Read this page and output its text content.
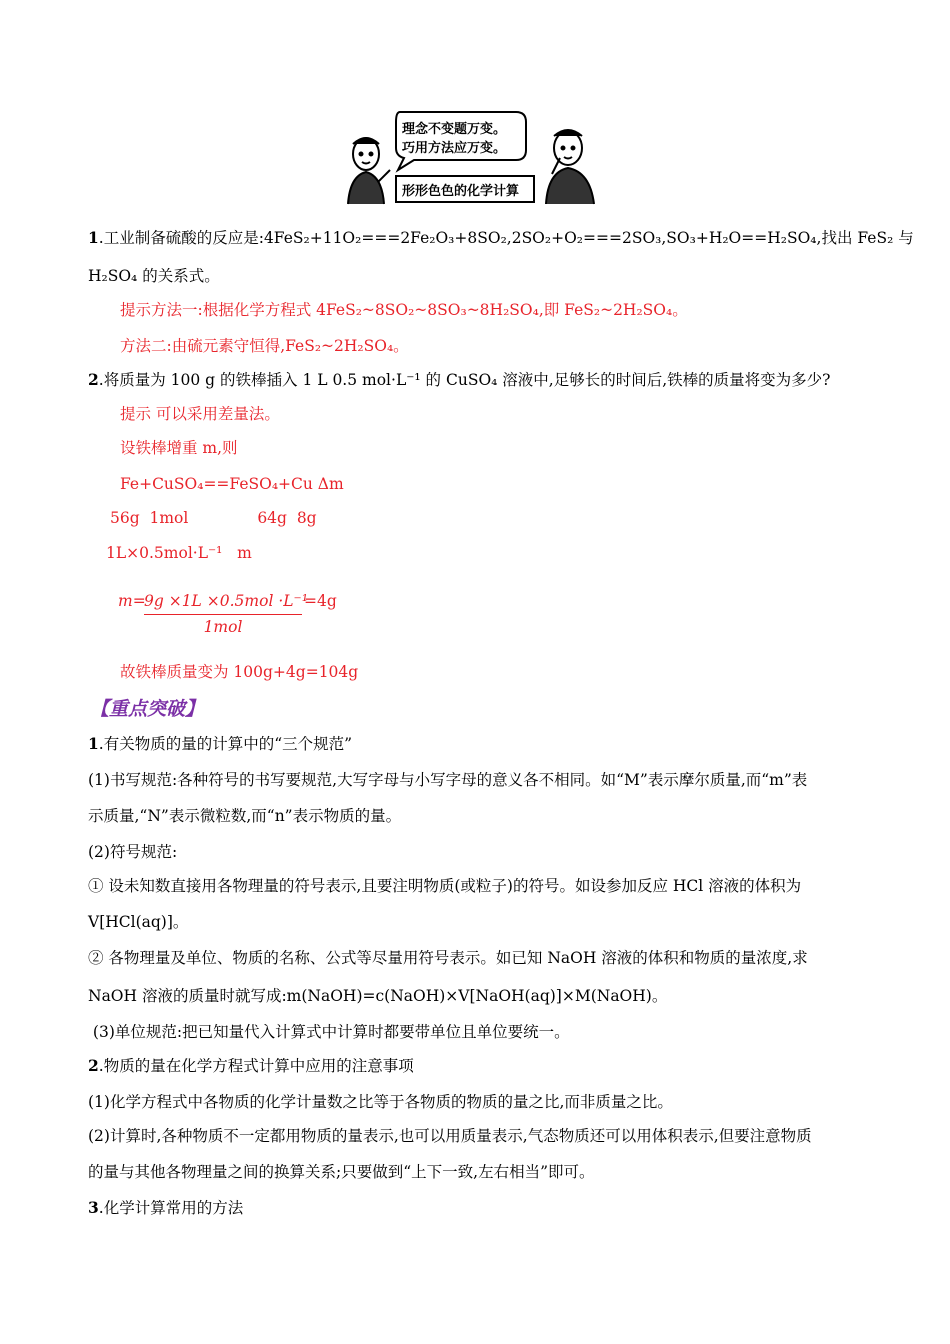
理念不变题万变。
巧用方法应万变。
形形色色的化学计算
1.工业制备硫酸的反应是:4FeS₂+11O₂===2Fe₂O₃+8SO₂,2SO₂+O₂===2SO₃,SO₃+H₂O==H₂SO₄,找出 FeS₂ 与
H₂SO₄ 的关系式。
提示方法一:根据化学方程式 4FeS₂~8SO₂~8SO₃~8H₂SO₄,即 FeS₂~2H₂SO₄。
方法二:由硫元素守恒得,FeS₂~2H₂SO₄。
2.将质量为 100 g 的铁棒插入 1 L 0.5 mol·L⁻¹ 的 CuSO₄ 溶液中,足够长的时间后,铁棒的质量将变为多少?
提示 可以采用差量法。
设铁棒增重 m,则
Fe+CuSO₄==FeSO₄+Cu Δm
56g  1mol              64g  8g
1L×0.5mol·L⁻¹   m
m=
9g ×1L ×0.5mol ·L⁻¹
1mol
=4g
故铁棒质量变为 100g+4g=104g
【重点突破】
1.有关物质的量的计算中的“三个规范”
(1)书写规范:各种符号的书写要规范,大写字母与小写字母的意义各不相同。如“M”表示摩尔质量,而“m”表
示质量,“N”表示微粒数,而“n”表示物质的量。
(2)符号规范:
① 设未知数直接用各物理量的符号表示,且要注明物质(或粒子)的符号。如设参加反应 HCl 溶液的体积为
V[HCl(aq)]。
② 各物理量及单位、物质的名称、公式等尽量用符号表示。如已知 NaOH 溶液的体积和物质的量浓度,求
NaOH 溶液的质量时就写成:m(NaOH)=c(NaOH)×V[NaOH(aq)]×M(NaOH)。
(3)单位规范:把已知量代入计算式中计算时都要带单位且单位要统一。
2.物质的量在化学方程式计算中应用的注意事项
(1)化学方程式中各物质的化学计量数之比等于各物质的物质的量之比,而非质量之比。
(2)计算时,各种物质不一定都用物质的量表示,也可以用质量表示,气态物质还可以用体积表示,但要注意物质
的量与其他各物理量之间的换算关系;只要做到“上下一致,左右相当”即可。
3.化学计算常用的方法
